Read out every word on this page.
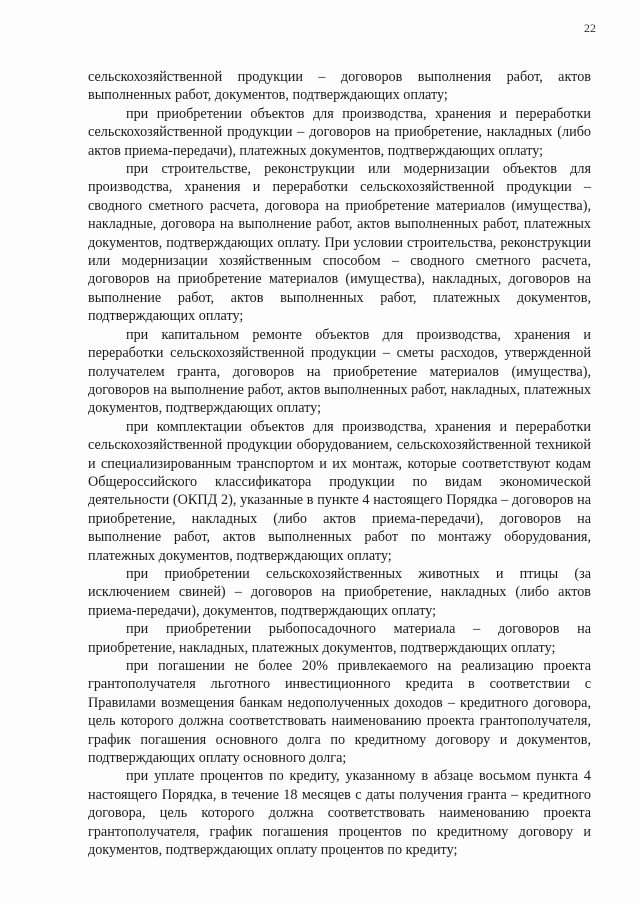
22

сельскохозяйственной продукции – договоров выполнения работ, актов выполненных работ, документов, подтверждающих оплату;

при приобретении объектов для производства, хранения и переработки сельскохозяйственной продукции – договоров на приобретение, накладных (либо актов приема-передачи), платежных документов, подтверждающих оплату;

при строительстве, реконструкции или модернизации объектов для производства, хранения и переработки сельскохозяйственной продукции – сводного сметного расчета, договора на приобретение материалов (имущества), накладные, договора на выполнение работ, актов выполненных работ, платежных документов, подтверждающих оплату. При условии строительства, реконструкции или модернизации хозяйственным способом – сводного сметного расчета, договоров на приобретение материалов (имущества), накладных, договоров на выполнение работ, актов выполненных работ, платежных документов, подтверждающих оплату;

при капитальном ремонте объектов для производства, хранения и переработки сельскохозяйственной продукции – сметы расходов, утвержденной получателем гранта, договоров на приобретение материалов (имущества), договоров на выполнение работ, актов выполненных работ, накладных, платежных документов, подтверждающих оплату;

при комплектации объектов для производства, хранения и переработки сельскохозяйственной продукции оборудованием, сельскохозяйственной техникой и специализированным транспортом и их монтаж, которые соответствуют кодам Общероссийского классификатора продукции по видам экономической деятельности (ОКПД 2), указанные в пункте 4 настоящего Порядка – договоров на приобретение, накладных (либо актов приема-передачи), договоров на выполнение работ, актов выполненных работ по монтажу оборудования, платежных документов, подтверждающих оплату;

при приобретении сельскохозяйственных животных и птицы (за исключением свиней) – договоров на приобретение, накладных (либо актов приема-передачи), документов, подтверждающих оплату;

при приобретении рыбопосадочного материала – договоров на приобретение, накладных, платежных документов, подтверждающих оплату;

при погашении не более 20% привлекаемого на реализацию проекта грантополучателя льготного инвестиционного кредита в соответствии с Правилами возмещения банкам недополученных доходов – кредитного договора, цель которого должна соответствовать наименованию проекта грантополучателя, график погашения основного долга по кредитному договору и документов, подтверждающих оплату основного долга;

при уплате процентов по кредиту, указанному в абзаце восьмом пункта 4 настоящего Порядка, в течение 18 месяцев с даты получения гранта – кредитного договора, цель которого должна соответствовать наименованию проекта грантополучателя, график погашения процентов по кредитному договору и документов, подтверждающих оплату процентов по кредиту;
